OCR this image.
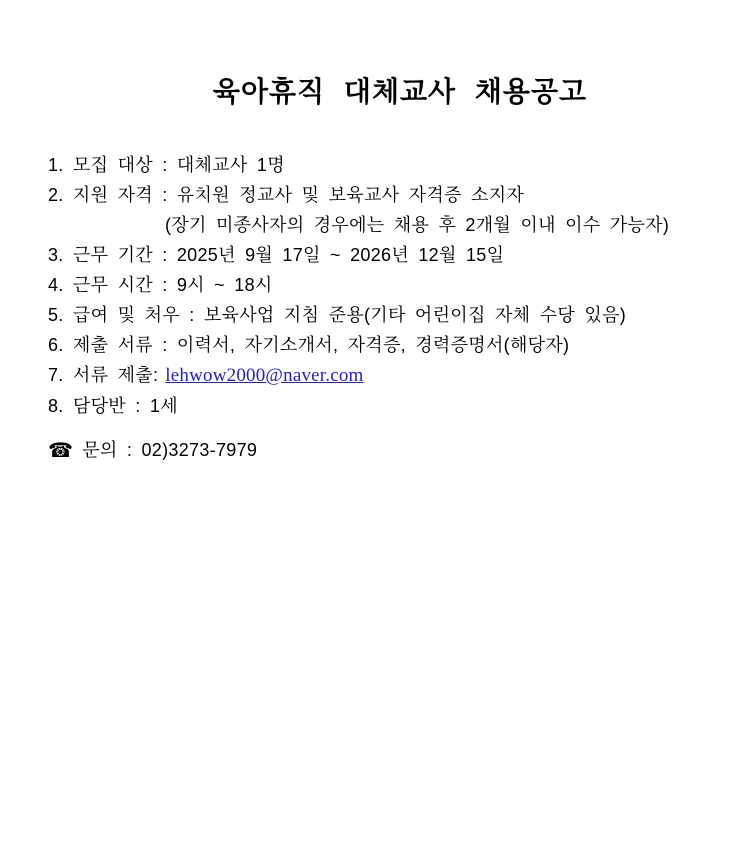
육아휴직 대체교사 채용공고
1. 모집 대상 : 대체교사 1명
2. 지원 자격 : 유치원 정교사 및 보육교사 자격증 소지자
(장기 미종사자의 경우에는 채용 후 2개월 이내 이수 가능자)
3. 근무 기간 : 2025년 9월 17일 ~ 2026년 12월 15일
4. 근무 시간 : 9시 ~ 18시
5. 급여 및 처우 : 보육사업 지침 준용(기타 어린이집 자체 수당 있음)
6. 제출 서류 : 이력서, 자기소개서, 자격증, 경력증명서(해당자)
7. 서류 제출: lehwow2000@naver.com
8. 담당반 : 1세
☎ 문의 : 02)3273-7979
